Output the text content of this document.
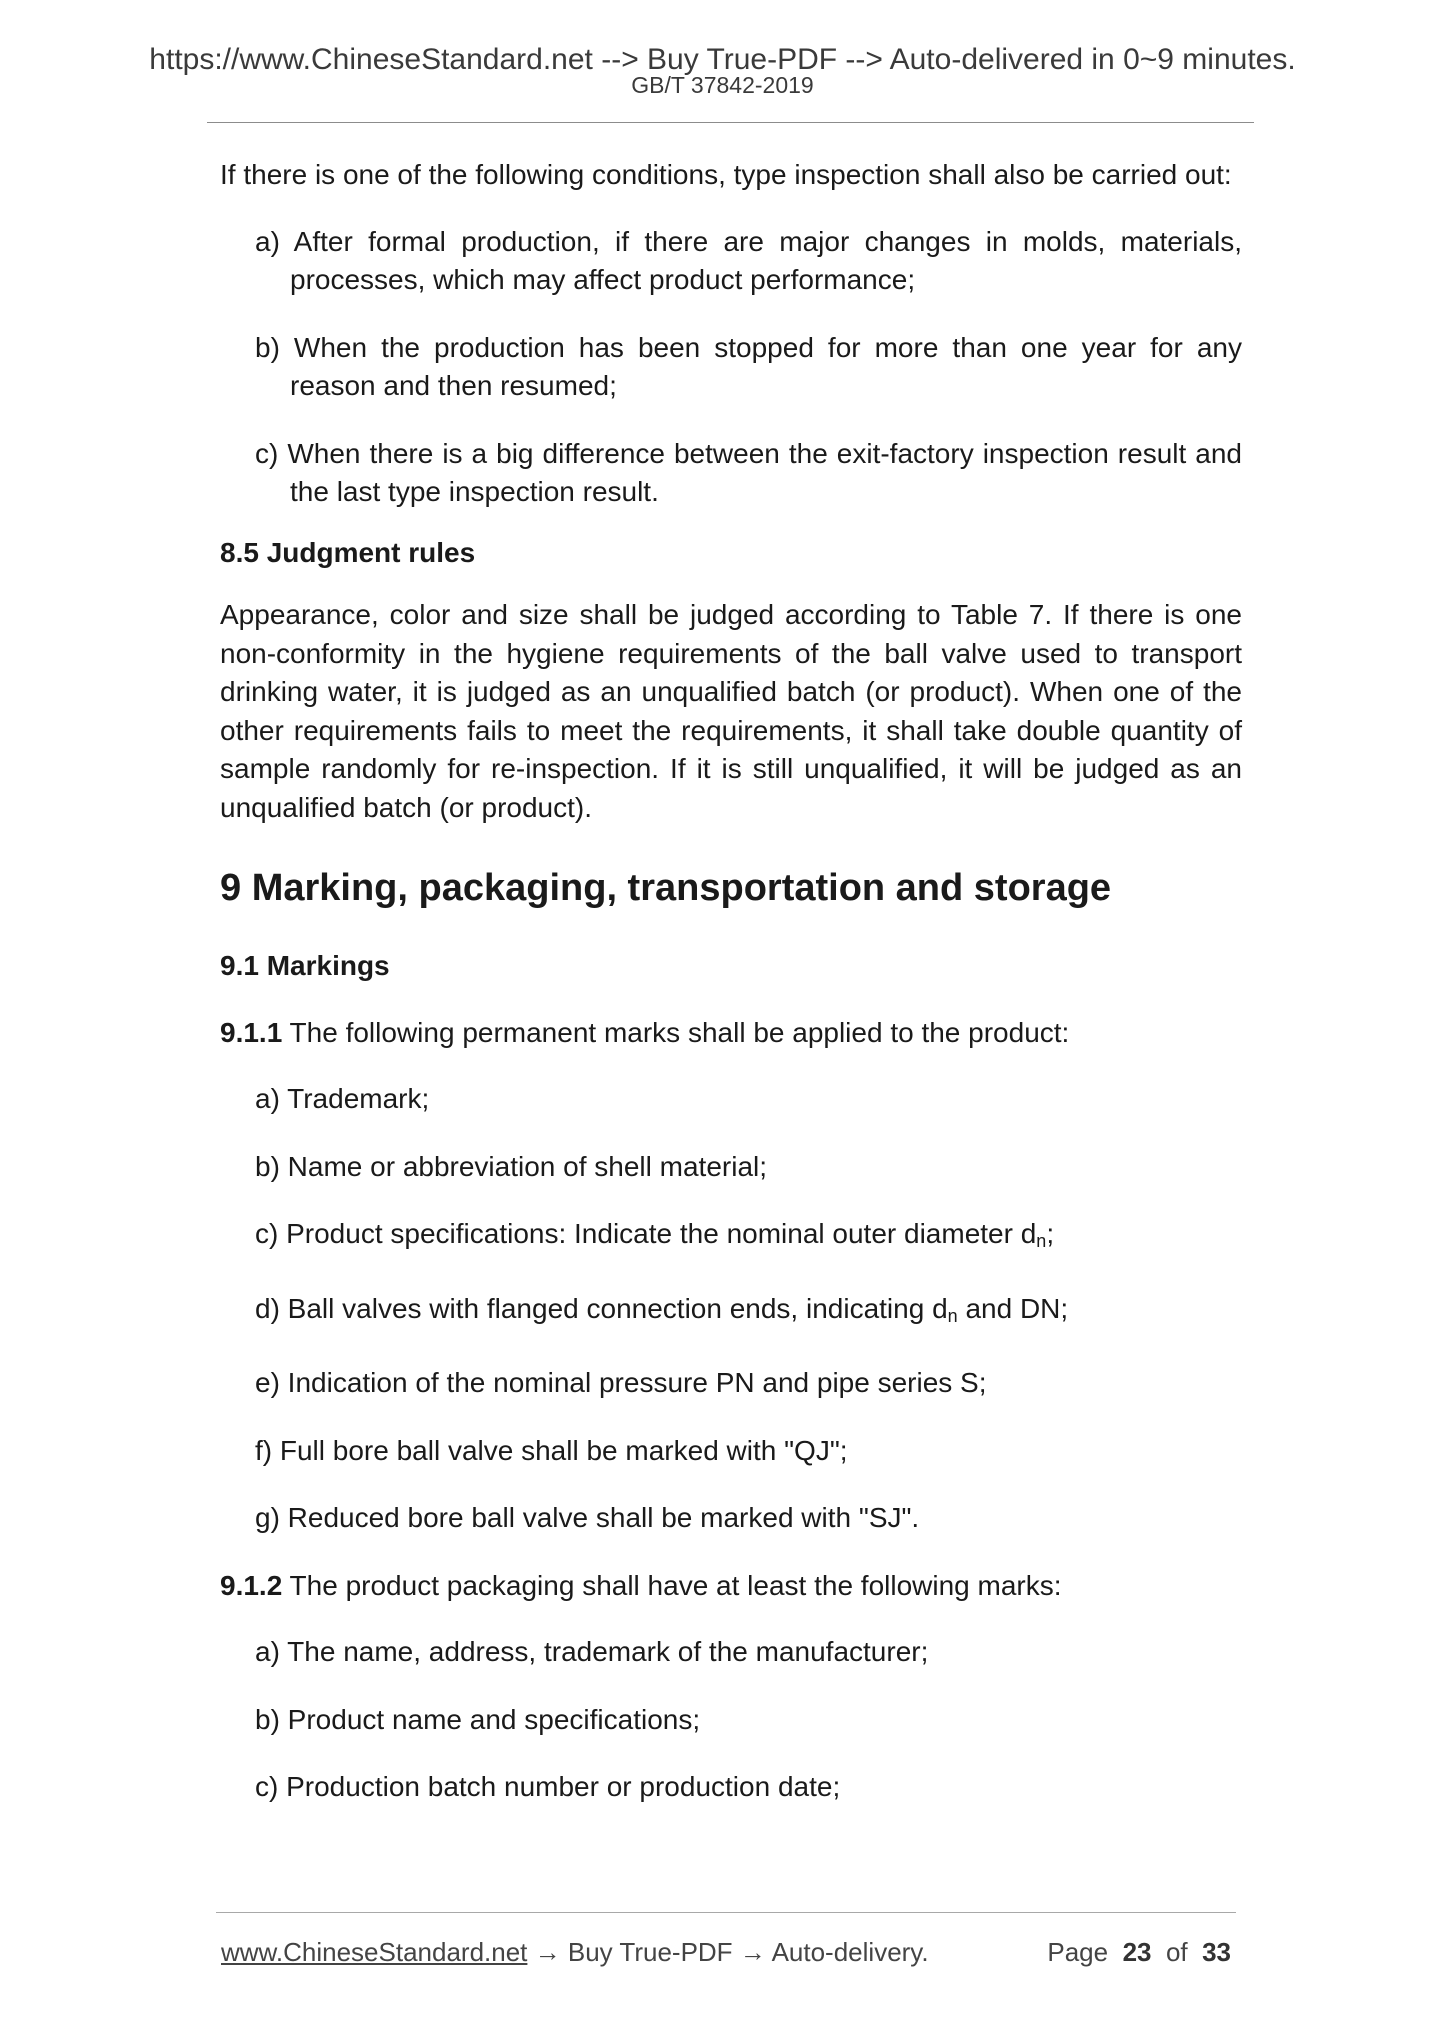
https://www.ChineseStandard.net --> Buy True-PDF --> Auto-delivered in 0~9 minutes.
GB/T 37842-2019

If there is one of the following conditions, type inspection shall also be carried out:

a) After formal production, if there are major changes in molds, materials, processes, which may affect product performance;

b) When the production has been stopped for more than one year for any reason and then resumed;

c) When there is a big difference between the exit-factory inspection result and the last type inspection result.

8.5 Judgment rules

Appearance, color and size shall be judged according to Table 7. If there is one non-conformity in the hygiene requirements of the ball valve used to transport drinking water, it is judged as an unqualified batch (or product). When one of the other requirements fails to meet the requirements, it shall take double quantity of sample randomly for re-inspection. If it is still unqualified, it will be judged as an unqualified batch (or product).

9 Marking, packaging, transportation and storage

9.1 Markings

9.1.1 The following permanent marks shall be applied to the product:

a) Trademark;

b) Name or abbreviation of shell material;

c) Product specifications: Indicate the nominal outer diameter $d_n$;

d) Ball valves with flanged connection ends, indicating $d_n$ and DN;

e) Indication of the nominal pressure PN and pipe series S;

f) Full bore ball valve shall be marked with "QJ";

g) Reduced bore ball valve shall be marked with "SJ".

9.1.2 The product packaging shall have at least the following marks:

a) The name, address, trademark of the manufacturer;

b) Product name and specifications;

c) Production batch number or production date;

www.ChineseStandard.net → Buy True-PDF → Auto-delivery.	Page 23 of 33
